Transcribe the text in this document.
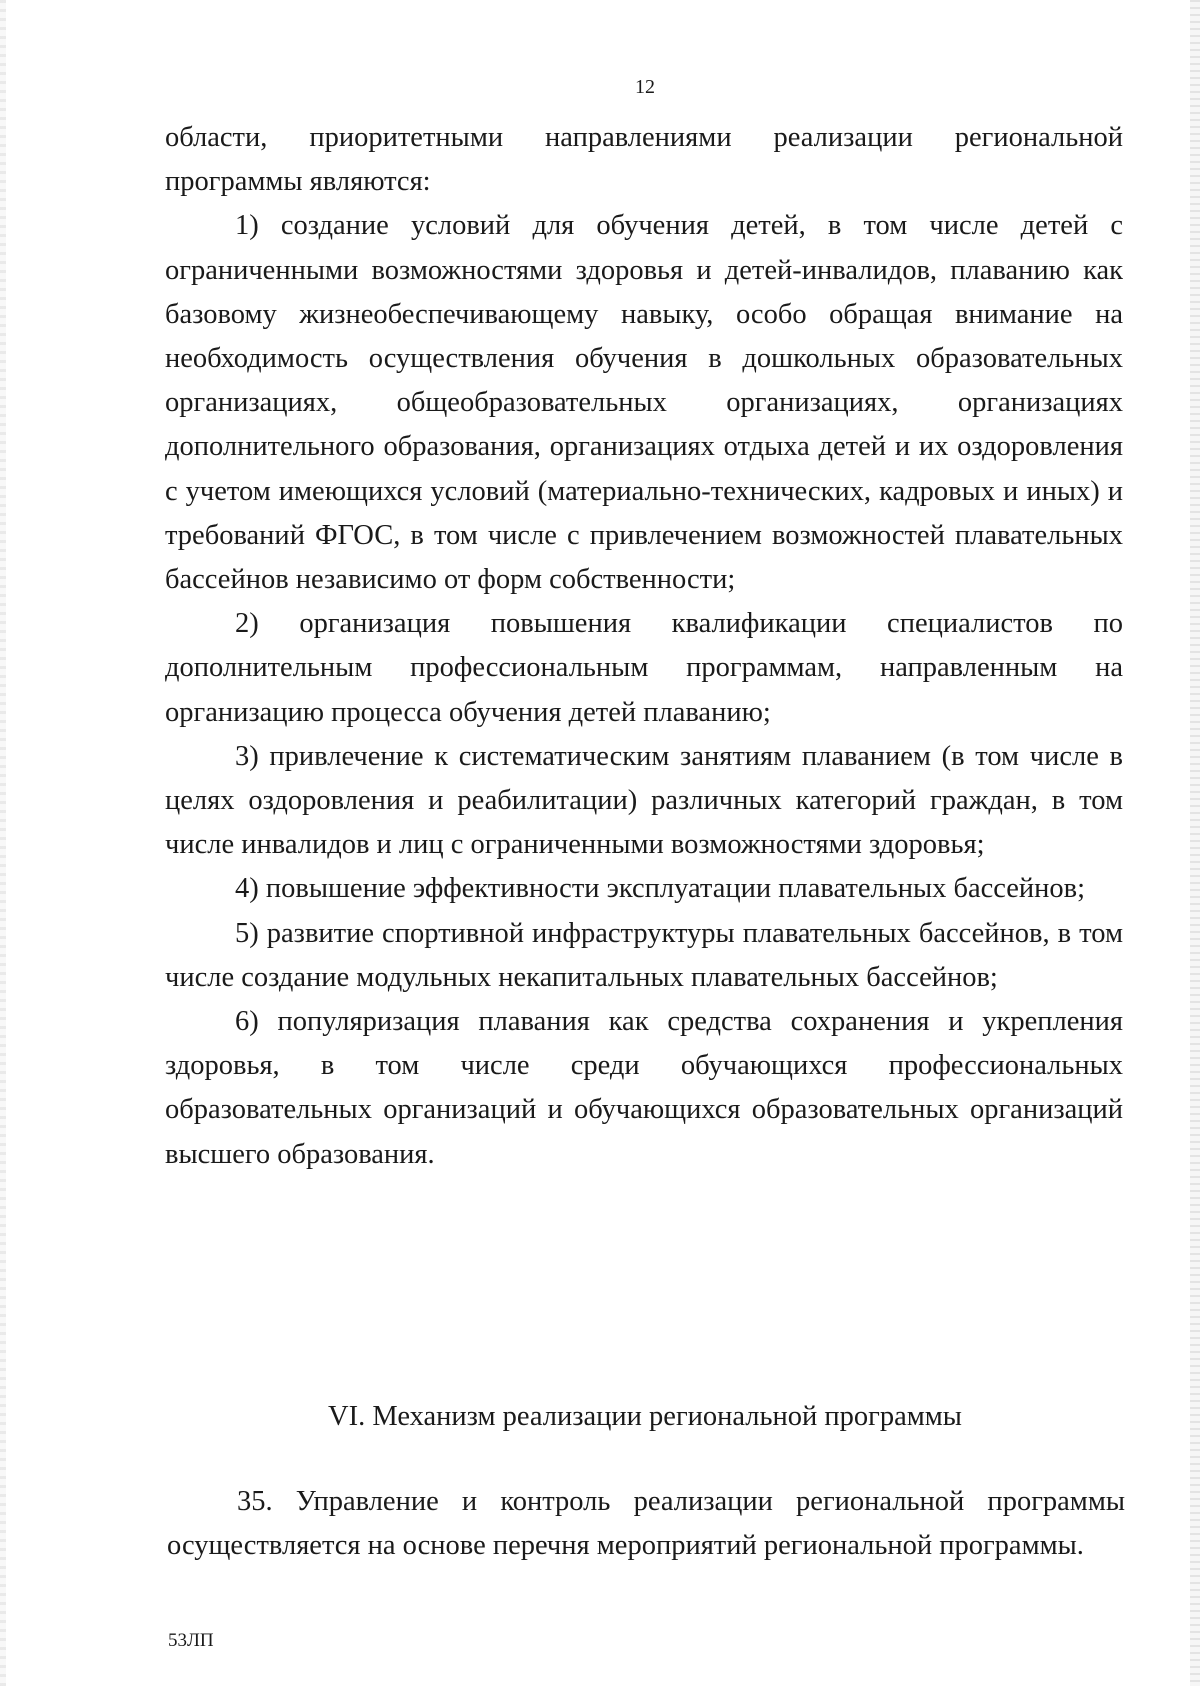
12

области, приоритетными направлениями реализации региональной программы являются:

1) создание условий для обучения детей, в том числе детей с ограниченными возможностями здоровья и детей-инвалидов, плаванию как базовому жизнеобеспечивающему навыку, особо обращая внимание на необходимость осуществления обучения в дошкольных образовательных организациях, общеобразовательных организациях, организациях дополнительного образования, организациях отдыха детей и их оздоровления с учетом имеющихся условий (материально-технических, кадровых и иных) и требований ФГОС, в том числе с привлечением возможностей плавательных бассейнов независимо от форм собственности;

2) организация повышения квалификации специалистов по дополнительным профессиональным программам, направленным на организацию процесса обучения детей плаванию;

3) привлечение к систематическим занятиям плаванием (в том числе в целях оздоровления и реабилитации) различных категорий граждан, в том числе инвалидов и лиц с ограниченными возможностями здоровья;

4) повышение эффективности эксплуатации плавательных бассейнов;

5) развитие спортивной инфраструктуры плавательных бассейнов, в том числе создание модульных некапитальных плавательных бассейнов;

6) популяризация плавания как средства сохранения и укрепления здоровья, в том числе среди обучающихся профессиональных образовательных организаций и обучающихся образовательных организаций высшего образования.

VI. Механизм реализации региональной программы

35. Управление и контроль реализации региональной программы осуществляется на основе перечня мероприятий региональной программы.

53ЛП
